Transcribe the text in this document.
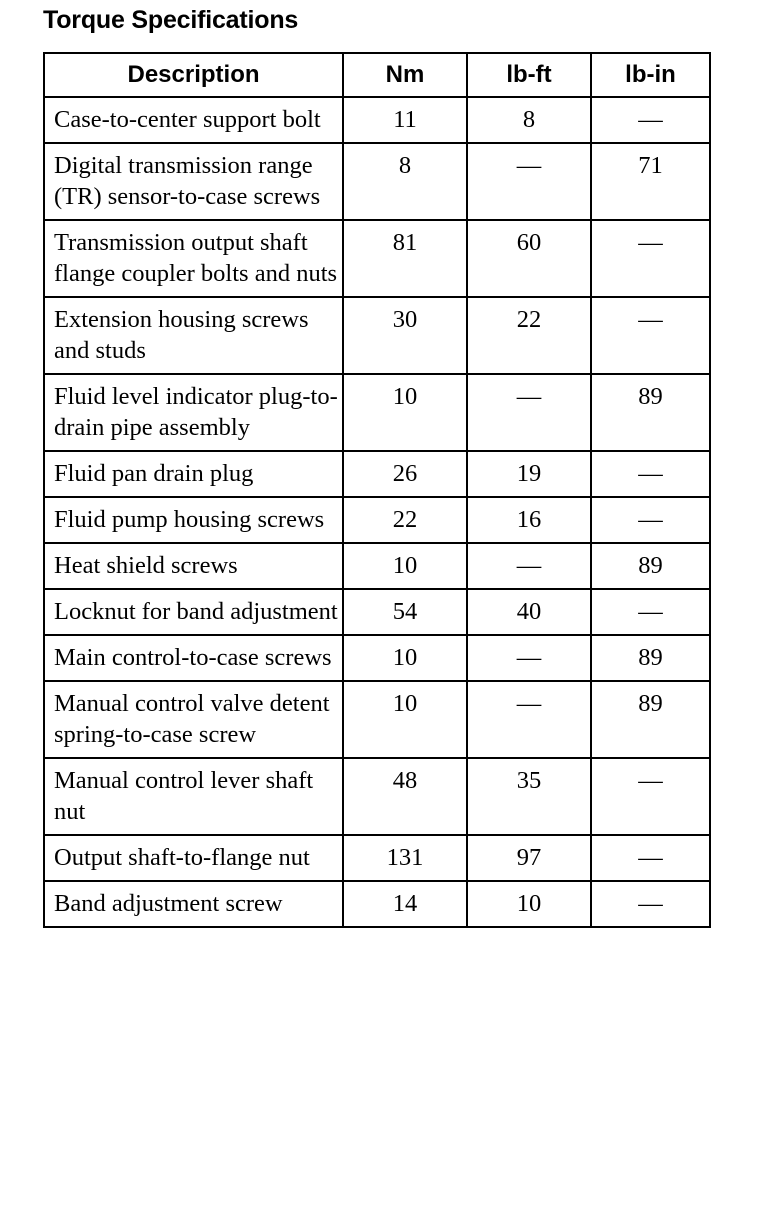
Torque Specifications
Description	Nm	lb-ft	lb-in
Case-to-center support bolt	11	8	—
Digital transmission range (TR) sensor-to-case screws	8	—	71
Transmission output shaft flange coupler bolts and nuts	81	60	—
Extension housing screws and studs	30	22	—
Fluid level indicator plug-to-drain pipe assembly	10	—	89
Fluid pan drain plug	26	19	—
Fluid pump housing screws	22	16	—
Heat shield screws	10	—	89
Locknut for band adjustment	54	40	—
Main control-to-case screws	10	—	89
Manual control valve detent spring-to-case screw	10	—	89
Manual control lever shaft nut	48	35	—
Output shaft-to-flange nut	131	97	—
Band adjustment screw	14	10	—
